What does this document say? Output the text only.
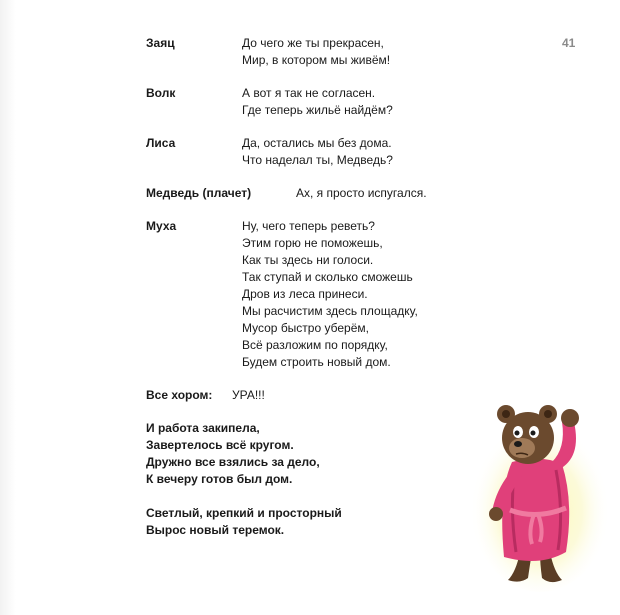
41
Заяц	До чего же ты прекрасен,
Мир, в котором мы живём!
Волк	А вот я так не согласен.
Где теперь жильё найдём?
Лиса	Да, остались мы без дома.
Что наделал ты, Медведь?
Медведь (плачет)	Ах, я просто испугался.
Муха	Ну, чего теперь реветь?
Этим горю не поможешь,
Как ты здесь ни голоси.
Так ступай и сколько сможешь
Дров из леса принеси.
Мы расчистим здесь площадку,
Мусор быстро уберём,
Всё разложим по порядку,
Будем строить новый дом.
Все хором: УРА!!!
И работа закипела,
Завертелось всё кругом.
Дружно все взялись за дело,
К вечеру готов был дом.
Светлый, крепкий и просторный
Вырос новый теремок.
